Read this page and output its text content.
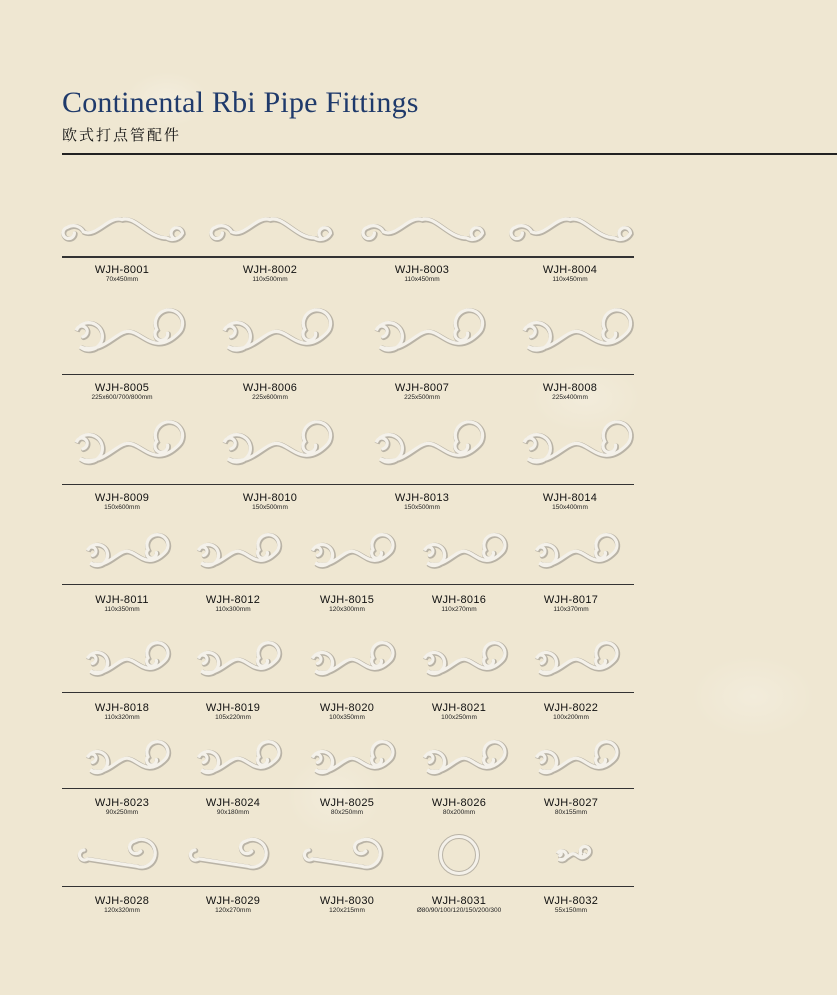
Continental Rbi Pipe Fittings
欧式打点管配件
WJH-8001
70x450mm
WJH-8002
110x500mm
WJH-8003
110x450mm
WJH-8004
110x450mm
WJH-8005
225x600/700/800mm
WJH-8006
225x600mm
WJH-8007
225x500mm
WJH-8008
225x400mm
WJH-8009
150x600mm
WJH-8010
150x500mm
WJH-8013
150x500mm
WJH-8014
150x400mm
WJH-8011
110x350mm
WJH-8012
110x300mm
WJH-8015
120x300mm
WJH-8016
110x270mm
WJH-8017
110x370mm
WJH-8018
110x320mm
WJH-8019
105x220mm
WJH-8020
100x350mm
WJH-8021
100x250mm
WJH-8022
100x200mm
WJH-8023
90x250mm
WJH-8024
90x180mm
WJH-8025
80x250mm
WJH-8026
80x200mm
WJH-8027
80x155mm
WJH-8028
120x320mm
WJH-8029
120x270mm
WJH-8030
120x215mm
WJH-8031
Ø80/90/100/120/150/200/300
WJH-8032
55x150mm
